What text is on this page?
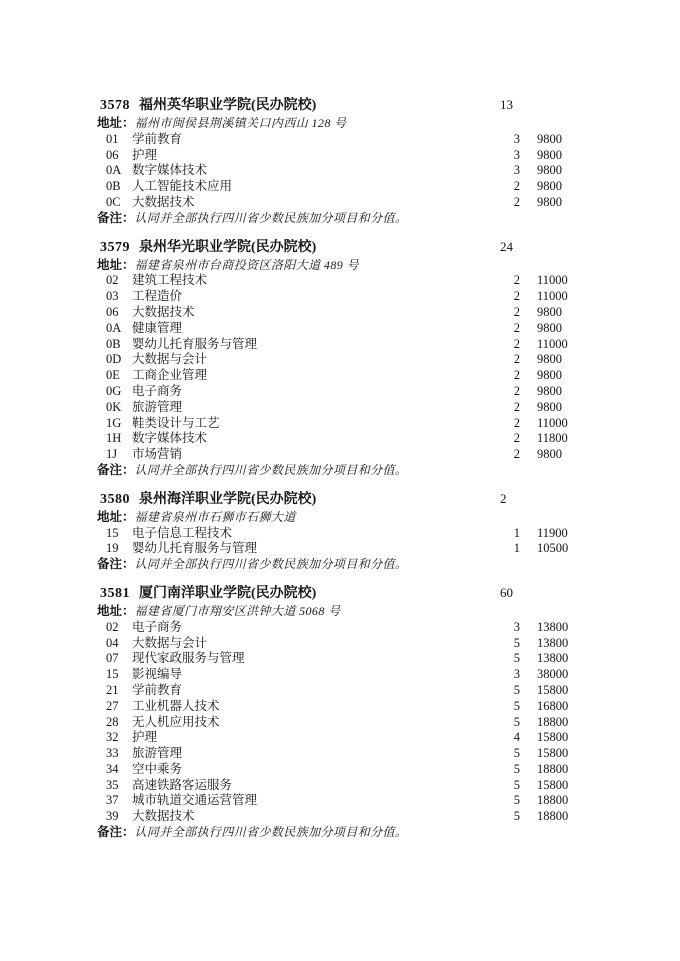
3578 福州英华职业学院(民办院校)	13
地址： 福州市闽侯县荆溪镇关口内西山 128 号
01	学前教育	3 9800
06	护理	3 9800
0A 数字媒体技术	3 9800
0B 人工智能技术应用	2 9800
0C 大数据技术	2 9800
备注： 认同并全部执行四川省少数民族加分项目和分值。
3579 泉州华光职业学院(民办院校)	24
地址： 福建省泉州市台商投资区洛阳大道 489 号
02	建筑工程技术	2 11000
03	工程造价	2 11000
06	大数据技术	2 9800
0A 健康管理	2 9800
0B 婴幼儿托育服务与管理	2 11000
0D 大数据与会计	2 9800
0E 工商企业管理	2 9800
0G 电子商务	2 9800
0K 旅游管理	2 9800
1G 鞋类设计与工艺	2 11000
1H 数字媒体技术	2 11800
1J	市场营销	2 9800
备注： 认同并全部执行四川省少数民族加分项目和分值。
3580 泉州海洋职业学院(民办院校)	2
地址： 福建省泉州市石狮市石狮大道
15	电子信息工程技术	1 11900
19	婴幼儿托育服务与管理	1 10500
备注： 认同并全部执行四川省少数民族加分项目和分值。
3581 厦门南洋职业学院(民办院校)	60
地址： 福建省厦门市翔安区洪钟大道 5068 号
02	电子商务	3 13800
04	大数据与会计	5 13800
07	现代家政服务与管理	5 13800
15	影视编导	3 38000
21	学前教育	5 15800
27	工业机器人技术	5 16800
28	无人机应用技术	5 18800
32	护理	4 15800
33	旅游管理	5 15800
34	空中乘务	5 18800
35	高速铁路客运服务	5 15800
37	城市轨道交通运营管理	5 18800
39	大数据技术	5 18800
备注： 认同并全部执行四川省少数民族加分项目和分值。
